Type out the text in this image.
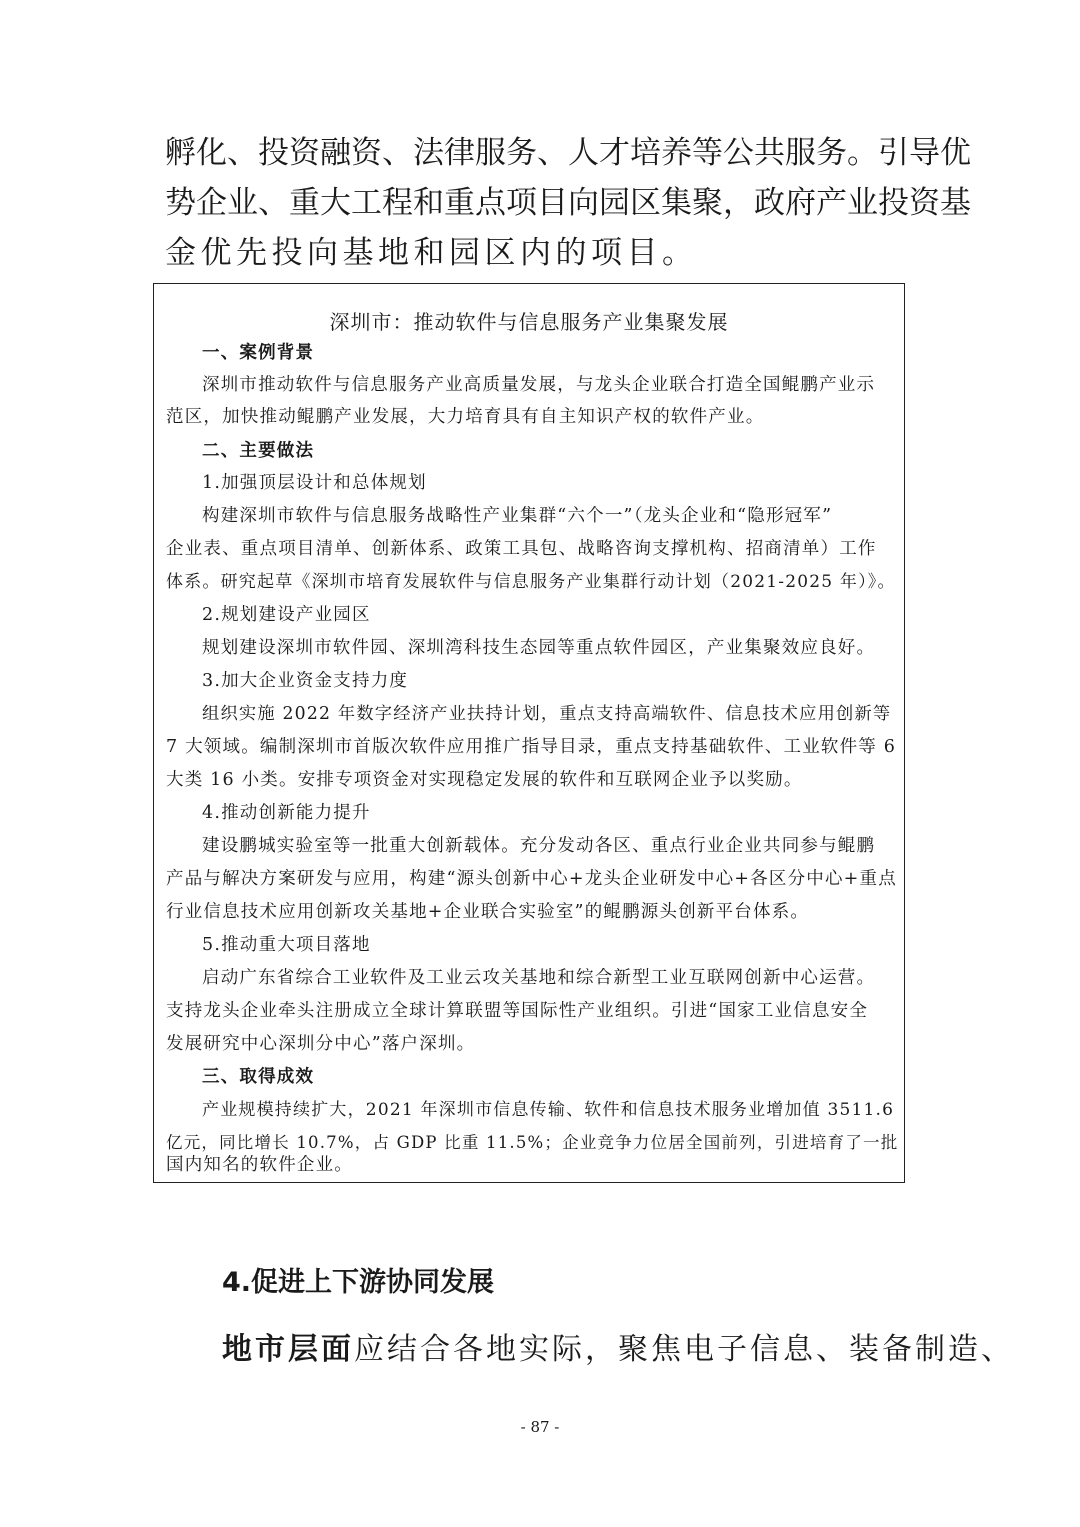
孵化、投资融资、法律服务、人才培养等公共服务。引导优

势企业、重大工程和重点项目向园区集聚，政府产业投资基

金优先投向基地和园区内的项目。

深圳市：推动软件与信息服务产业集聚发展
一、案例背景
深圳市推动软件与信息服务产业高质量发展，与龙头企业联合打造全国鲲鹏产业示
范区，加快推动鲲鹏产业发展，大力培育具有自主知识产权的软件产业。
二、主要做法
1.加强顶层设计和总体规划
构建深圳市软件与信息服务战略性产业集群“六个一”（龙头企业和“隐形冠军”
企业表、重点项目清单、创新体系、政策工具包、战略咨询支撑机构、招商清单）工作
体系。研究起草《深圳市培育发展软件与信息服务产业集群行动计划（2021-2025 年）》。
2.规划建设产业园区
规划建设深圳市软件园、深圳湾科技生态园等重点软件园区，产业集聚效应良好。
3.加大企业资金支持力度
组织实施 2022 年数字经济产业扶持计划，重点支持高端软件、信息技术应用创新等
7 大领域。编制深圳市首版次软件应用推广指导目录，重点支持基础软件、工业软件等 6
大类 16 小类。安排专项资金对实现稳定发展的软件和互联网企业予以奖励。
4.推动创新能力提升
建设鹏城实验室等一批重大创新载体。充分发动各区、重点行业企业共同参与鲲鹏
产品与解决方案研发与应用，构建“源头创新中心+龙头企业研发中心+各区分中心+重点
行业信息技术应用创新攻关基地+企业联合实验室”的鲲鹏源头创新平台体系。
5.推动重大项目落地
启动广东省综合工业软件及工业云攻关基地和综合新型工业互联网创新中心运营。
支持龙头企业牵头注册成立全球计算联盟等国际性产业组织。引进“国家工业信息安全
发展研究中心深圳分中心”落户深圳。
三、取得成效
产业规模持续扩大，2021 年深圳市信息传输、软件和信息技术服务业增加值 3511.6
亿元，同比增长 10.7%，占 GDP 比重 11.5%；企业竞争力位居全国前列，引进培育了一批
国内知名的软件企业。
4.促进上下游协同发展
地市层面应结合各地实际，聚焦电子信息、装备制造、
- 87 -
